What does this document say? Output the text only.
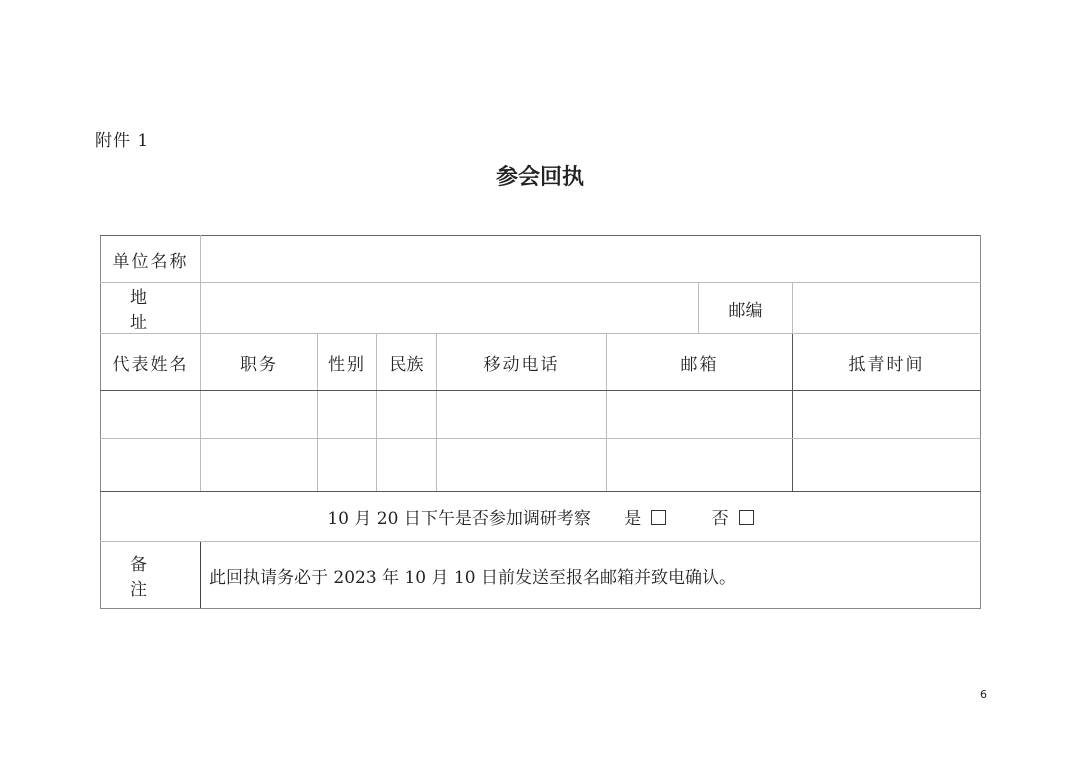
附件 1
参会回执
单位名称							
地 址						邮编	
代表姓名	职务	性别	民族	移动电话	邮箱		抵青时间

10 月 20 日下午是否参加调研考察 是 否							
备 注	此回执请务必于 2023 年 10 月 10 日前发送至报名邮箱并致电确认。						
6
